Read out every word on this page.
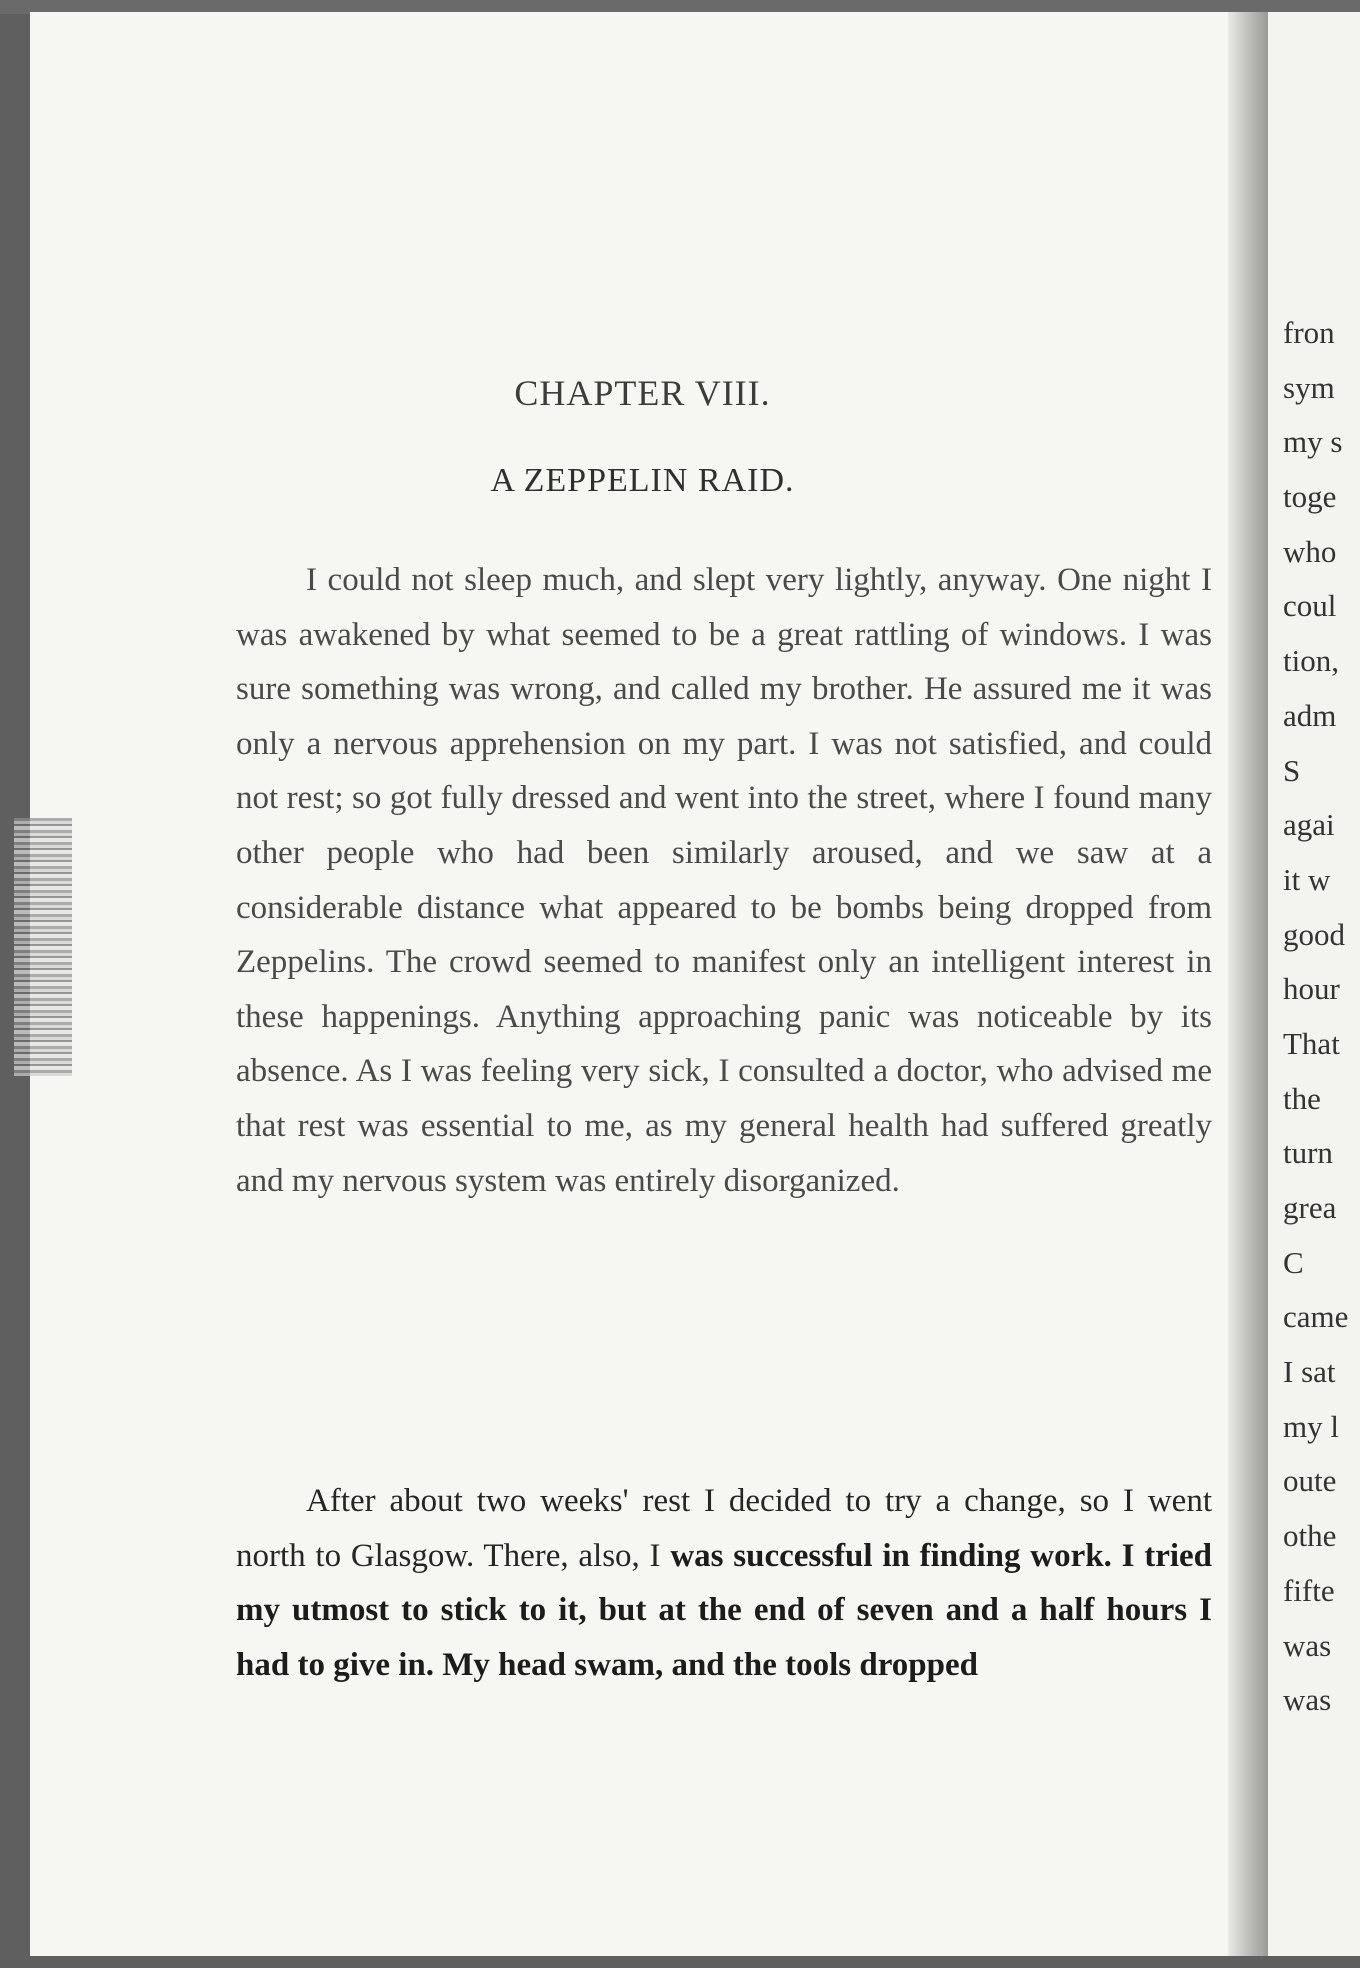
CHAPTER VIII.
A ZEPPELIN RAID.

I could not sleep much, and slept very lightly, anyway. One night I was awakened by what seemed to be a great rattling of windows. I was sure something was wrong, and called my brother. He assured me it was only a nervous apprehension on my part. I was not satisfied, and could not rest; so got fully dressed and went into the street, where I found many other people who had been similarly aroused, and we saw at a considerable distance what appeared to be bombs being dropped from Zeppelins. The crowd seemed to manifest only an intelligent interest in these happenings. Anything approaching panic was noticeable by its absence. As I was feeling very sick, I consulted a doctor, who advised me that rest was essential to me, as my general health had suffered greatly and my nervous system was entirely disorganized.

After about two weeks' rest I decided to try a change, so I went north to Glasgow. There, also, I was successful in finding work. I tried my utmost to stick to it, but at the end of seven and a half hours I had to give in. My head swam, and the tools dropped

fron
sym
my s
toge
who
coul
tion,
adm
S
agai
it w
good
hour
That
the
turn
grea
C
came
I sat
my l
oute
othe
fifte
was
was
